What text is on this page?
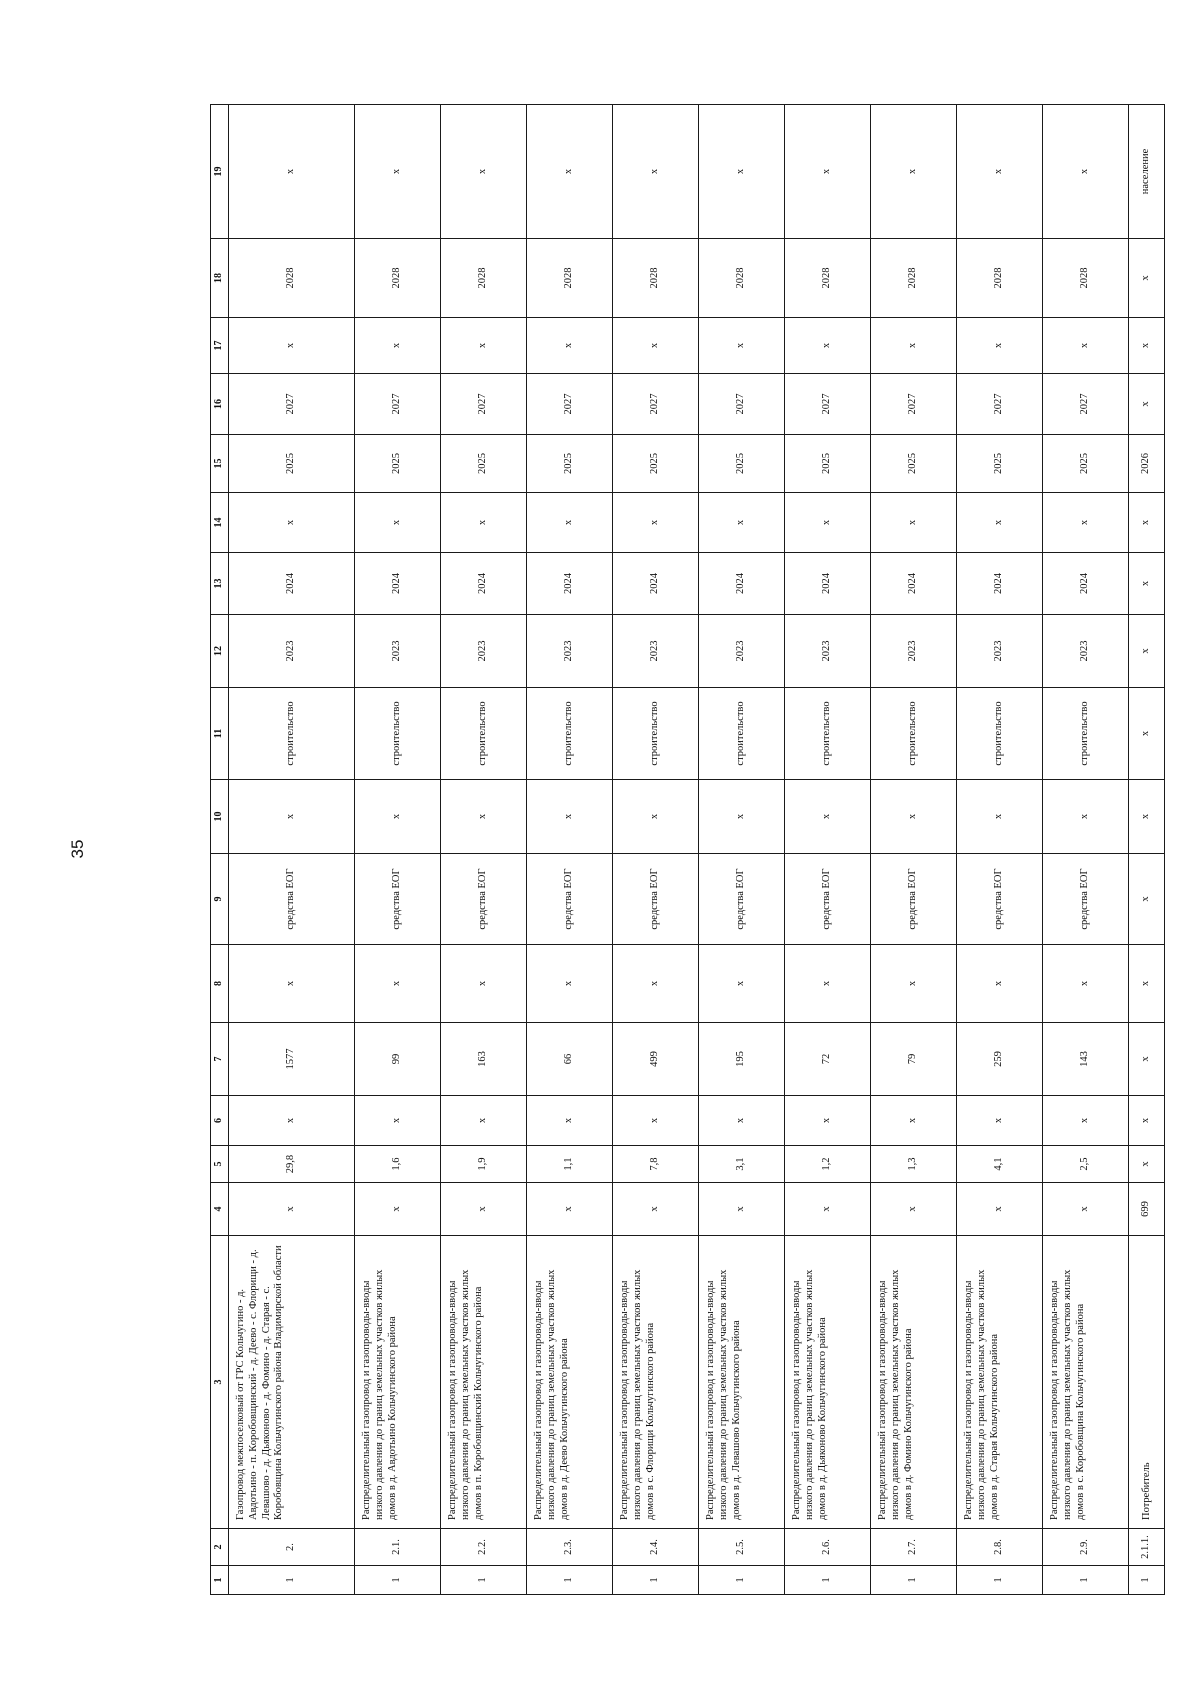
35
1	2	3	4	5	6	7	8	9	10	11	12	13	14	15	16	17	18	19
1	2.	Газопровод межпоселковый от ГРС Кольчугино - д. Авдотьино - п. Коробовщинский - д. Деево - с. Флорищи - д. Левашово - д. Дьяконово - д. Фомино - д. Старая - с. Коробовщина Кольчугинского района Владимирской области	х	29,8	х	1577	х	средства ЕОГ	х	строительство	2023	2024	х	2025	2027	х	2028	х
1	2.1.	Распределительный газопровод и газопроводы-вводы низкого давления до границ земельных участков жилых домов в д. Авдотьино Кольчугинского района	х	1,6	х	99	х	средства ЕОГ	х	строительство	2023	2024	х	2025	2027	х	2028	х
1	2.2.	Распределительный газопровод и газопроводы-вводы низкого давления до границ земельных участков жилых домов в п. Коробовщинский Кольчугинского района	х	1,9	х	163	х	средства ЕОГ	х	строительство	2023	2024	х	2025	2027	х	2028	х
1	2.3.	Распределительный газопровод и газопроводы-вводы низкого давления до границ земельных участков жилых домов в д. Деево Кольчугинского района	х	1,1	х	66	х	средства ЕОГ	х	строительство	2023	2024	х	2025	2027	х	2028	х
1	2.4.	Распределительный газопровод и газопроводы-вводы низкого давления до границ земельных участков жилых домов в с. Флорищи Кольчугинского района	х	7,8	х	499	х	средства ЕОГ	х	строительство	2023	2024	х	2025	2027	х	2028	х
1	2.5.	Распределительный газопровод и газопроводы-вводы низкого давления до границ земельных участков жилых домов в д. Левашово Кольчугинского района	х	3,1	х	195	х	средства ЕОГ	х	строительство	2023	2024	х	2025	2027	х	2028	х
1	2.6.	Распределительный газопровод и газопроводы-вводы низкого давления до границ земельных участков жилых домов в д. Дьяконово Кольчугинского района	х	1,2	х	72	х	средства ЕОГ	х	строительство	2023	2024	х	2025	2027	х	2028	х
1	2.7.	Распределительный газопровод и газопроводы-вводы низкого давления до границ земельных участков жилых домов в д. Фомино Кольчугинского района	х	1,3	х	79	х	средства ЕОГ	х	строительство	2023	2024	х	2025	2027	х	2028	х
1	2.8.	Распределительный газопровод и газопроводы-вводы низкого давления до границ земельных участков жилых домов в д. Старая Кольчугинского района	х	4,1	х	259	х	средства ЕОГ	х	строительство	2023	2024	х	2025	2027	х	2028	х
1	2.9.	Распределительный газопровод и газопроводы-вводы низкого давления до границ земельных участков жилых домов в с. Коробовщина Кольчугинского района	х	2,5	х	143	х	средства ЕОГ	х	строительство	2023	2024	х	2025	2027	х	2028	х
1	2.1.1.	Потребитель	699	х	х	х	х	х	х	х	х	х	х	2026	х	х	х	население
